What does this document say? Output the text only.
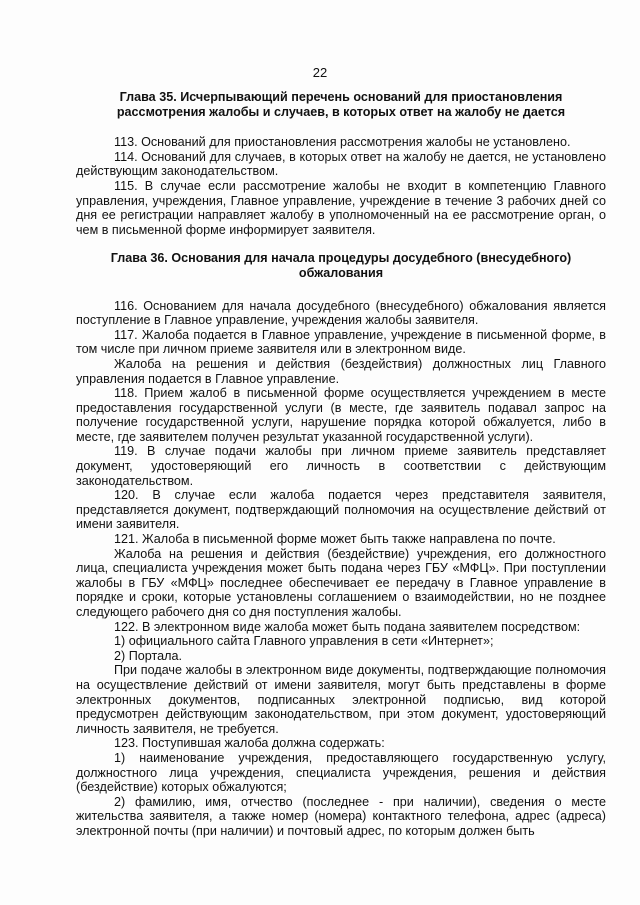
22
Глава 35. Исчерпывающий перечень оснований для приостановления рассмотрения жалобы и случаев, в которых ответ на жалобу не дается

113. Оснований для приостановления рассмотрения жалобы не установлено.

114. Оснований для случаев, в которых ответ на жалобу не дается, не установлено действующим законодательством.

115. В случае если рассмотрение жалобы не входит в компетенцию Главного управления, учреждения, Главное управление, учреждение в течение 3 рабочих дней со дня ее регистрации направляет жалобу в уполномоченный на ее рассмотрение орган, о чем в письменной форме информирует заявителя.

Глава 36. Основания для начала процедуры досудебного (внесудебного) обжалования

116. Основанием для начала досудебного (внесудебного) обжалования является поступление в Главное управление, учреждения жалобы заявителя.

117. Жалоба подается в Главное управление, учреждение в письменной форме, в том числе при личном приеме заявителя или в электронном виде.

Жалоба на решения и действия (бездействия) должностных лиц Главного управления подается в Главное управление.

118. Прием жалоб в письменной форме осуществляется учреждением в месте предоставления государственной услуги (в месте, где заявитель подавал запрос на получение государственной услуги, нарушение порядка которой обжалуется, либо в месте, где заявителем получен результат указанной государственной услуги).

119. В случае подачи жалобы при личном приеме заявитель представляет документ, удостоверяющий его личность в соответствии с действующим законодательством.

120. В случае если жалоба подается через представителя заявителя, представляется документ, подтверждающий полномочия на осуществление действий от имени заявителя.

121. Жалоба в письменной форме может быть также направлена по почте.

Жалоба на решения и действия (бездействие) учреждения, его должностного лица, специалиста учреждения может быть подана через ГБУ «МФЦ». При поступлении жалобы в ГБУ «МФЦ» последнее обеспечивает ее передачу в Главное управление в порядке и сроки, которые установлены соглашением о взаимодействии, но не позднее следующего рабочего дня со дня поступления жалобы.

122. В электронном виде жалоба может быть подана заявителем посредством:

1) официального сайта Главного управления в сети «Интернет»;

2) Портала.

При подаче жалобы в электронном виде документы, подтверждающие полномочия на осуществление действий от имени заявителя, могут быть представлены в форме электронных документов, подписанных электронной подписью, вид которой предусмотрен действующим законодательством, при этом документ, удостоверяющий личность заявителя, не требуется.

123. Поступившая жалоба должна содержать:

1) наименование учреждения, предоставляющего государственную услугу, должностного лица учреждения, специалиста учреждения, решения и действия (бездействие) которых обжалуются;

2) фамилию, имя, отчество (последнее - при наличии), сведения о месте жительства заявителя, а также номер (номера) контактного телефона, адрес (адреса) электронной почты (при наличии) и почтовый адрес, по которым должен быть
